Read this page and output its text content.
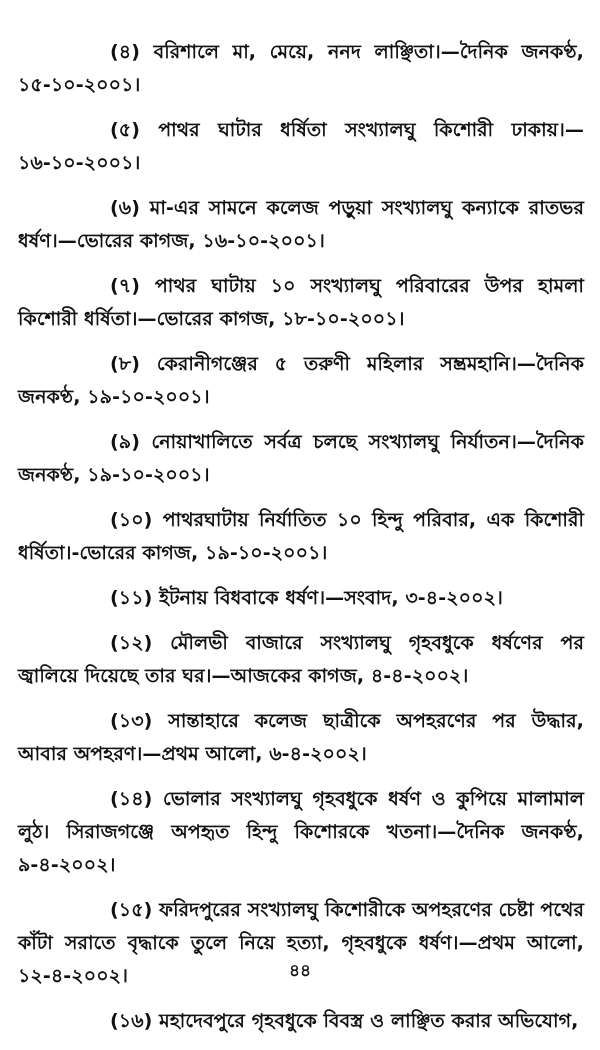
(৪) বরিশালে মা, মেয়ে, ননদ লাঞ্ছিতা।—দৈনিক জনকণ্ঠ, ১৫-১০-২০০১।

(৫) পাথর ঘাটার ধর্ষিতা সংখ্যালঘু কিশোরী ঢাকায়।—১৬-১০-২০০১।

(৬) মা-এর সামনে কলেজ পড়ুয়া সংখ্যালঘু কন্যাকে রাতভর ধর্ষণ।—ভোরের কাগজ, ১৬-১০-২০০১।

(৭) পাথর ঘাটায় ১০ সংখ্যালঘু পরিবারের উপর হামলা কিশোরী ধর্ষিতা।—ভোরের কাগজ, ১৮-১০-২০০১।

(৮) কেরানীগঞ্জের ৫ তরুণী মহিলার সম্ভ্রমহানি।—দৈনিক জনকণ্ঠ, ১৯-১০-২০০১।

(৯) নোয়াখালিতে সর্বত্র চলছে সংখ্যালঘু নির্যাতন।—দৈনিক জনকণ্ঠ, ১৯-১০-২০০১।

(১০) পাথরঘাটায় নির্যাতিত ১০ হিন্দু পরিবার, এক কিশোরী ধর্ষিতা।-ভোরের কাগজ, ১৯-১০-২০০১।

(১১) ইটনায় বিধবাকে ধর্ষণ।—সংবাদ, ৩-৪-২০০২।

(১২) মৌলভী বাজারে সংখ্যালঘু গৃহবধুকে ধর্ষণের পর জ্বালিয়ে দিয়েছে তার ঘর।—আজকের কাগজ, ৪-৪-২০০২।

(১৩) সান্তাহারে কলেজ ছাত্রীকে অপহরণের পর উদ্ধার, আবার অপহরণ।—প্রথম আলো, ৬-৪-২০০২।

(১৪) ভোলার সংখ্যালঘু গৃহবধুকে ধর্ষণ ও কুপিয়ে মালামাল লুঠ। সিরাজগঞ্জে অপহৃত হিন্দু কিশোরকে খতনা।—দৈনিক জনকণ্ঠ, ৯-৪-২০০২।

(১৫) ফরিদপুরের সংখ্যালঘু কিশোরীকে অপহরণের চেষ্টা পথের কাঁটা সরাতে বৃদ্ধাকে তুলে নিয়ে হত্যা, গৃহবধুকে ধর্ষণ।—প্রথম আলো, ১২-৪-২০০২।

(১৬) মহাদেবপুরে গৃহবধুকে বিবস্ত্র ও লাঞ্ছিত করার অভিযোগ,

৪৪
